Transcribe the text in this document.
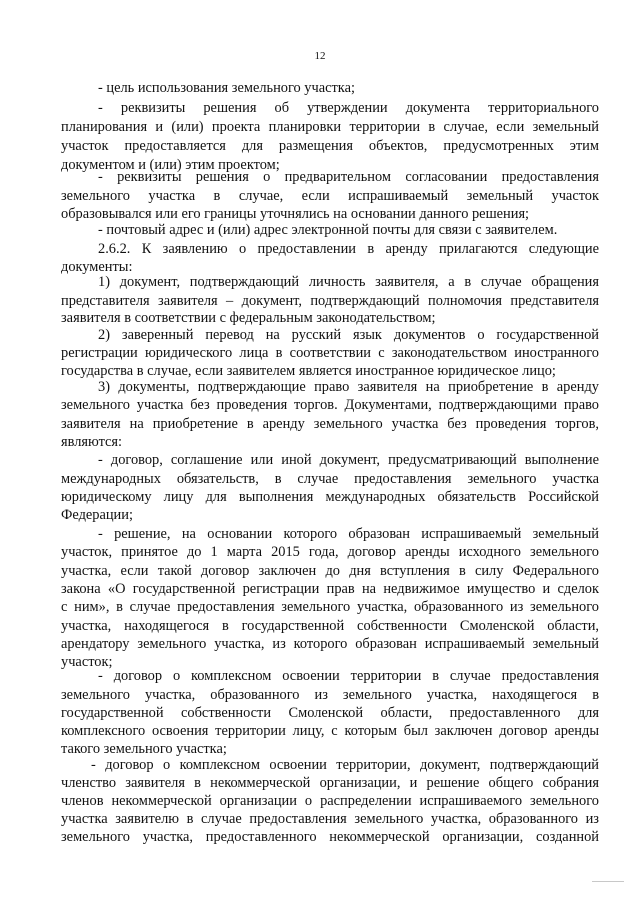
12
- цель использования земельного участка;
- реквизиты решения об утверждении документа территориального
планирования и (или) проекта планировки территории в случае, если земельный
участок предоставляется для размещения объектов, предусмотренных этим
документом и (или) этим проектом;
- реквизиты решения о предварительном согласовании предоставления
земельного участка в случае, если испрашиваемый земельный участок
образовывался или его границы уточнялись на основании данного решения;
- почтовый адрес и (или) адрес электронной почты для связи с заявителем.
2.6.2. К заявлению о предоставлении в аренду прилагаются следующие
документы:
1) документ, подтверждающий личность заявителя, а в случае обращения
представителя заявителя – документ, подтверждающий полномочия представителя
заявителя в соответствии с федеральным законодательством;
2) заверенный перевод на русский язык документов о государственной
регистрации юридического лица в соответствии с законодательством иностранного
государства в случае, если заявителем является иностранное юридическое лицо;
3) документы, подтверждающие право заявителя на приобретение в аренду
земельного участка без проведения торгов. Документами, подтверждающими право
заявителя на приобретение в аренду земельного участка без проведения торгов,
являются:
- договор, соглашение или иной документ, предусматривающий выполнение
международных обязательств, в случае предоставления земельного участка
юридическому лицу для выполнения международных обязательств Российской
Федерации;
- решение, на основании которого образован испрашиваемый земельный
участок, принятое до 1 марта 2015 года, договор аренды исходного земельного
участка, если такой договор заключен до дня вступления в силу Федерального
закона «О государственной регистрации прав на недвижимое имущество и сделок
с ним», в случае предоставления земельного участка, образованного из земельного
участка, находящегося в государственной собственности Смоленской области,
арендатору земельного участка, из которого образован испрашиваемый земельный
участок;
- договор о комплексном освоении территории в случае предоставления
земельного участка, образованного из земельного участка, находящегося в
государственной собственности Смоленской области, предоставленного для
комплексного освоения территории лицу, с которым был заключен договор аренды
такого земельного участка;
- договор о комплексном освоении территории, документ, подтверждающий
членство заявителя в некоммерческой организации, и решение общего собрания
членов некоммерческой организации о распределении испрашиваемого земельного
участка заявителю в случае предоставления земельного участка, образованного из
земельного участка, предоставленного некоммерческой организации, созданной
